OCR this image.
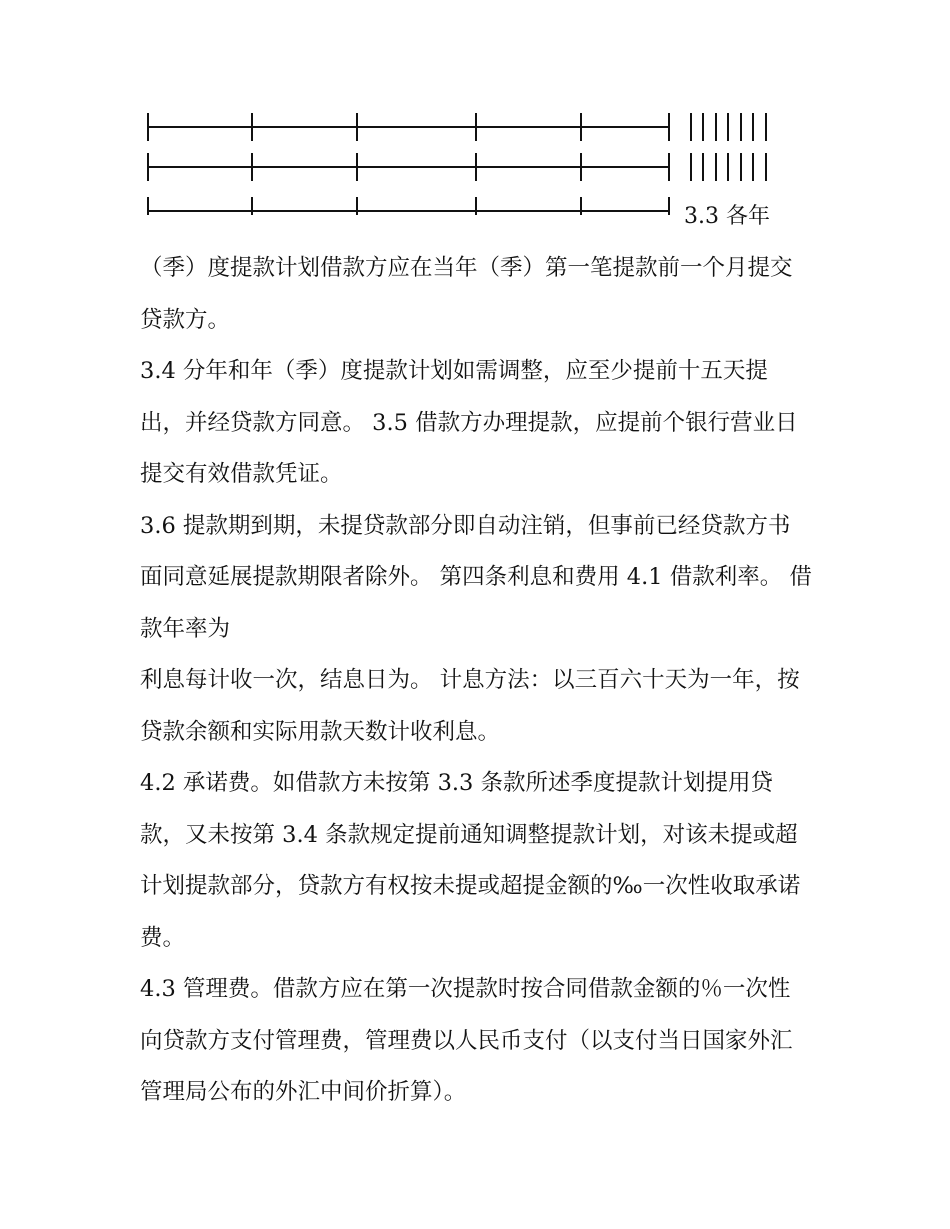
3.3 各年

（季）度提款计划借款方应在当年（季）第一笔提款前一个月提交贷款方。

3.4 分年和年（季）度提款计划如需调整，应至少提前十五天提出，并经贷款方同意。 3.5 借款方办理提款，应提前个银行营业日提交有效借款凭证。

3.6 提款期到期，未提贷款部分即自动注销，但事前已经贷款方书面同意延展提款期限者除外。 第四条利息和费用 4.1 借款利率。 借款年率为

利息每计收一次，结息日为。 计息方法：以三百六十天为一年，按贷款余额和实际用款天数计收利息。

4.2 承诺费。如借款方未按第 3.3 条款所述季度提款计划提用贷款，又未按第 3.4 条款规定提前通知调整提款计划，对该未提或超计划提款部分，贷款方有权按未提或超提金额的‰一次性收取承诺费。

4.3 管理费。借款方应在第一次提款时按合同借款金额的％一次性向贷款方支付管理费，管理费以人民币支付（以支付当日国家外汇管理局公布的外汇中间价折算）。
